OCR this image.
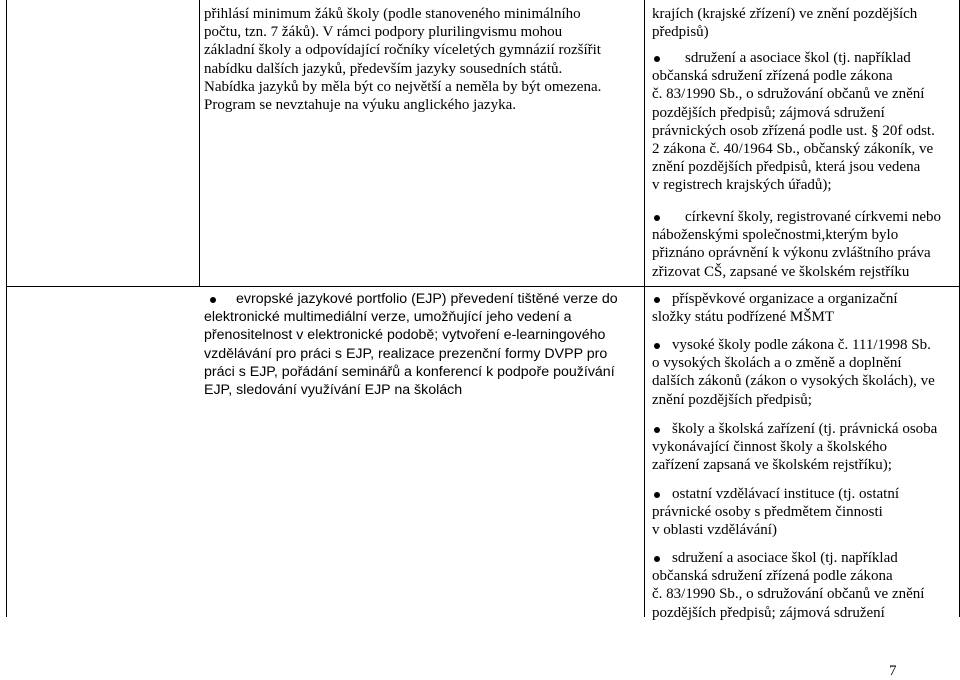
přihlásí minimum žáků školy (podle stanoveného minimálního

počtu, tzn. 7 žáků). V rámci podpory plurilingvismu mohou

základní školy a odpovídající ročníky víceletých gymnázií rozšířit

nabídku dalších jazyků, především jazyky sousedních států.

Nabídka jazyků by měla být co největší a neměla by být omezena.

Program se nevztahuje na výuku anglického jazyka.

evropské jazykové portfolio (EJP) převedení tištěné verze do

elektronické multimediální verze, umožňující jeho vedení a

přenositelnost v elektronické podobě; vytvoření e-learningového

vzdělávání pro práci s EJP, realizace prezenční formy DVPP pro

práci s EJP, pořádání seminářů a konferencí k podpoře používání

EJP, sledování využívání EJP na školách

krajích (krajské zřízení) ve znění pozdějších

předpisů)

sdružení a asociace škol (tj. například

občanská sdružení zřízená podle zákona

č. 83/1990 Sb., o sdružování občanů ve znění

pozdějších předpisů; zájmová sdružení

právnických osob zřízená podle ust. § 20f odst.

2 zákona č. 40/1964 Sb., občanský zákoník, ve

znění pozdějších předpisů, která jsou vedena

v registrech krajských úřadů);

církevní školy, registrované církvemi nebo

náboženskými společnostmi,kterým bylo

přiznáno oprávnění k výkonu zvláštního práva

zřizovat CŠ, zapsané ve školském rejstříku

příspěvkové organizace a organizační

složky státu podřízené MŠMT

vysoké školy podle zákona č. 111/1998 Sb.

o vysokých školách a o změně a doplnění

dalších zákonů (zákon o vysokých školách), ve

znění pozdějších předpisů;

školy a školská zařízení (tj. právnická osoba

vykonávající činnost školy a školského

zařízení zapsaná ve školském rejstříku);

ostatní vzdělávací instituce (tj. ostatní

právnické osoby s předmětem činnosti

v oblasti vzdělávání)

sdružení a asociace škol (tj. například

občanská sdružení zřízená podle zákona

č. 83/1990 Sb., o sdružování občanů ve znění

pozdějších předpisů; zájmová sdružení

7
